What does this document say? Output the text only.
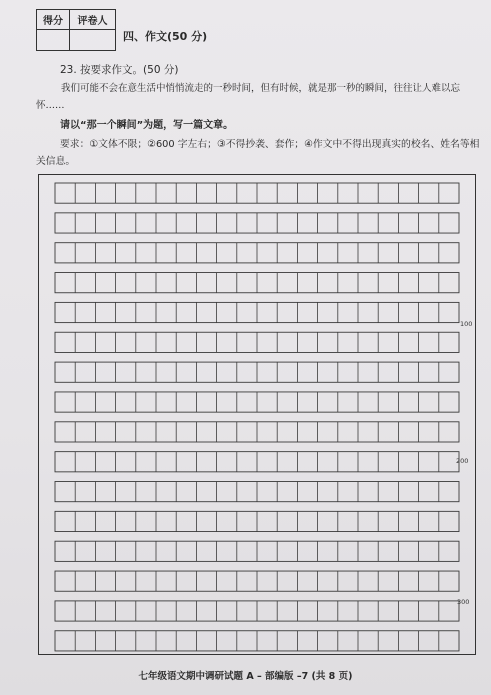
得分	评卷人
四、作文(50 分)
23. 按要求作文。(50 分)
我们可能不会在意生活中悄悄流走的一秒时间，但有时候，就是那一秒的瞬间，往往让人难以忘怀……
请以“那一个瞬间”为题，写一篇文章。
要求：①文体不限；②600 字左右；③不得抄袭、套作；④作文中不得出现真实的校名、姓名等相关信息。
100
200
300
七年级语文期中调研试题 A – 部编版 –7 (共 8 页)
